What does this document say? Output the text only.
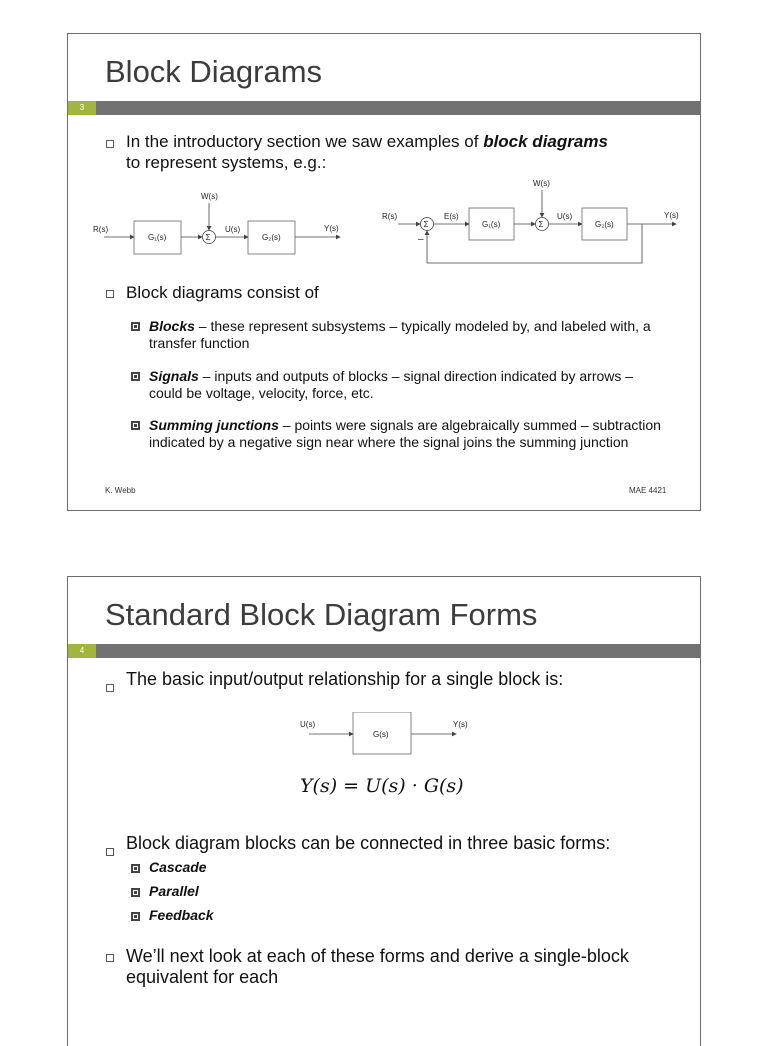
Block Diagrams
3
In the introductory section we saw examples of block diagrams
to represent systems, e.g.:
R(s)
G₁(s)	Σ
W(s)
U(s)
G₂(s)
Y(s)
R(s)
Σ
–
E(s)
G₁(s)	Σ
W(s)
U(s)
G₂(s)
Y(s)
Block diagrams consist of
Blocks – these represent subsystems – typically modeled by, and labeled with, a transfer function
Signals – inputs and outputs of blocks – signal direction indicated by arrows – could be voltage, velocity, force, etc.
Summing junctions – points were signals are algebraically summed – subtraction indicated by a negative sign near where the signal joins the summing junction
K. Webb	MAE 4421
Standard Block Diagram Forms
4
The basic input/output relationship for a single block is:
U(s)
G(s)
Y(s)
Y(s) = U(s) · G(s)
Block diagram blocks can be connected in three basic forms:
Cascade
Parallel
Feedback
We’ll next look at each of these forms and derive a single-block equivalent for each
